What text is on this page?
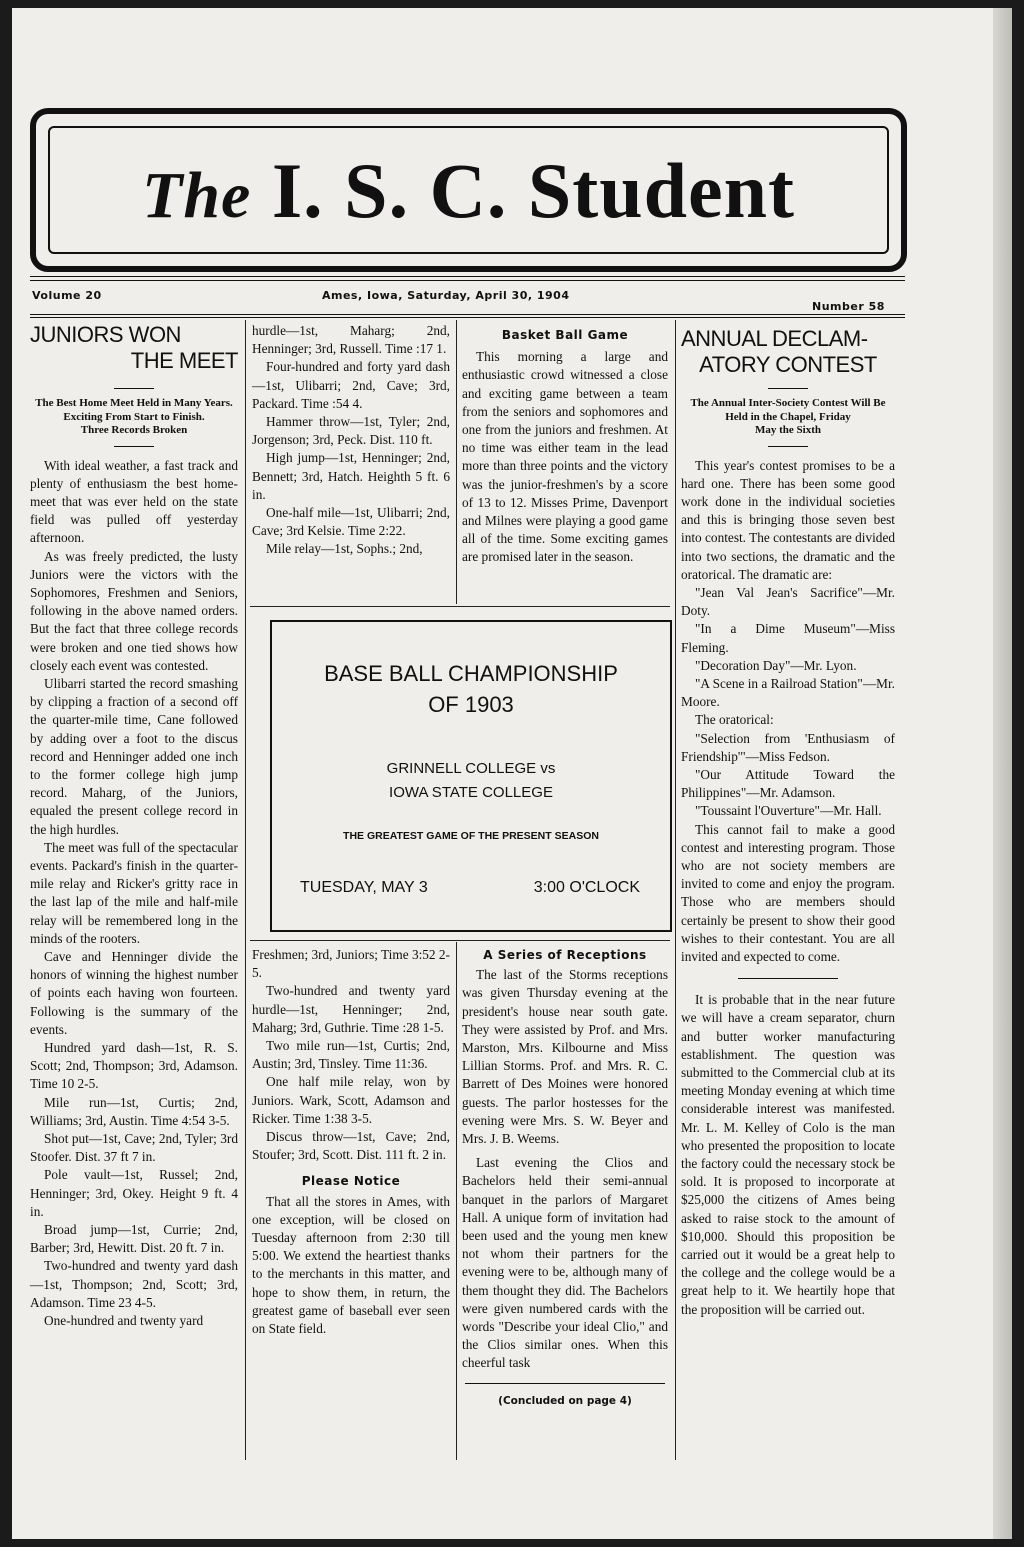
The I. S. C. Student
Volume 20	Ames, Iowa, Saturday, April 30, 1904
Number 58
JUNIORS WON
THE MEET
The Best Home Meet Held in Many Years.
Exciting From Start to Finish.
Three Records Broken

With ideal weather, a fast track and plenty of enthusiasm the best home-meet that was ever held on the state field was pulled off yesterday afternoon.

As was freely predicted, the lusty Juniors were the victors with the Sophomores, Freshmen and Seniors, following in the above named orders. But the fact that three college records were broken and one tied shows how closely each event was contested.

Ulibarri started the record smashing by clipping a fraction of a second off the quarter-mile time, Cane followed by adding over a foot to the discus record and Henninger added one inch to the former college high jump record. Maharg, of the Juniors, equaled the present college record in the high hurdles.

The meet was full of the spectacular events. Packard's finish in the quarter-mile relay and Ricker's gritty race in the last lap of the mile and half-mile relay will be remembered long in the minds of the rooters.

Cave and Henninger divide the honors of winning the highest number of points each having won fourteen. Following is the summary of the events.

Hundred yard dash—1st, R. S. Scott; 2nd, Thompson; 3rd, Adamson. Time 10 2-5.

Mile run—1st, Curtis; 2nd, Williams; 3rd, Austin. Time 4:54 3-5.

Shot put—1st, Cave; 2nd, Tyler; 3rd Stoofer. Dist. 37 ft 7 in.

Pole vault—1st, Russel; 2nd, Henninger; 3rd, Okey. Height 9 ft. 4 in.

Broad jump—1st, Currie; 2nd, Barber; 3rd, Hewitt. Dist. 20 ft. 7 in.

Two-hundred and twenty yard dash—1st, Thompson; 2nd, Scott; 3rd, Adamson. Time 23 4-5.

One-hundred and twenty yard

hurdle—1st, Maharg; 2nd, Henninger; 3rd, Russell. Time :17 1.

Four-hundred and forty yard dash—1st, Ulibarri; 2nd, Cave; 3rd, Packard. Time :54 4.

Hammer throw—1st, Tyler; 2nd, Jorgenson; 3rd, Peck. Dist. 110 ft.

High jump—1st, Henninger; 2nd, Bennett; 3rd, Hatch. Heighth 5 ft. 6 in.

One-half mile—1st, Ulibarri; 2nd, Cave; 3rd Kelsie. Time 2:22.

Mile relay—1st, Sophs.; 2nd,

Basket Ball Game

This morning a large and enthusiastic crowd witnessed a close and exciting game between a team from the seniors and sophomores and one from the juniors and freshmen. At no time was either team in the lead more than three points and the victory was the junior-freshmen's by a score of 13 to 12. Misses Prime, Davenport and Milnes were playing a good game all of the time. Some exciting games are promised later in the season.

BASE BALL CHAMPIONSHIP
OF 1903
GRINNELL COLLEGE vs
IOWA STATE COLLEGE
THE GREATEST GAME OF THE PRESENT SEASON
TUESDAY, MAY 3	3:00 O'CLOCK

Freshmen; 3rd, Juniors; Time 3:52 2-5.

Two-hundred and twenty yard hurdle—1st, Henninger; 2nd, Maharg; 3rd, Guthrie. Time :28 1-5.

Two mile run—1st, Curtis; 2nd, Austin; 3rd, Tinsley. Time 11:36.

One half mile relay, won by Juniors. Wark, Scott, Adamson and Ricker. Time 1:38 3-5.

Discus throw—1st, Cave; 2nd, Stoufer; 3rd, Scott. Dist. 111 ft. 2 in.

Please Notice

That all the stores in Ames, with one exception, will be closed on Tuesday afternoon from 2:30 till 5:00. We extend the heartiest thanks to the merchants in this matter, and hope to show them, in return, the greatest game of baseball ever seen on State field.

A Series of Receptions

The last of the Storms receptions was given Thursday evening at the president's house near south gate. They were assisted by Prof. and Mrs. Marston, Mrs. Kilbourne and Miss Lillian Storms. Prof. and Mrs. R. C. Barrett of Des Moines were honored guests. The parlor hostesses for the evening were Mrs. S. W. Beyer and Mrs. J. B. Weems.

Last evening the Clios and Bachelors held their semi-annual banquet in the parlors of Margaret Hall. A unique form of invitation had been used and the young men knew not whom their partners for the evening were to be, although many of them thought they did. The Bachelors were given numbered cards with the words "Describe your ideal Clio," and the Clios similar ones. When this cheerful task

(Concluded on page 4)
ANNUAL DECLAM-
ATORY CONTEST
The Annual Inter-Society Contest Will Be
Held in the Chapel, Friday
May the Sixth

This year's contest promises to be a hard one. There has been some good work done in the individual societies and this is bringing those seven best into contest. The contestants are divided into two sections, the dramatic and the oratorical. The dramatic are:

"Jean Val Jean's Sacrifice"—Mr. Doty.

"In a Dime Museum"—Miss Fleming.

"Decoration Day"—Mr. Lyon.

"A Scene in a Railroad Station"—Mr. Moore.

The oratorical:

"Selection from 'Enthusiasm of Friendship'"—Miss Fedson.

"Our Attitude Toward the Philippines"—Mr. Adamson.

"Toussaint l'Ouverture"—Mr. Hall.

This cannot fail to make a good contest and interesting program. Those who are not society members are invited to come and enjoy the program. Those who are members should certainly be present to show their good wishes to their contestant. You are all invited and expected to come.

It is probable that in the near future we will have a cream separator, churn and butter worker manufacturing establishment. The question was submitted to the Commercial club at its meeting Monday evening at which time considerable interest was manifested. Mr. L. M. Kelley of Colo is the man who presented the proposition to locate the factory could the necessary stock be sold. It is proposed to incorporate at $25,000 the citizens of Ames being asked to raise stock to the amount of $10,000. Should this proposition be carried out it would be a great help to the college and the college would be a great help to it. We heartily hope that the proposition will be carried out.
